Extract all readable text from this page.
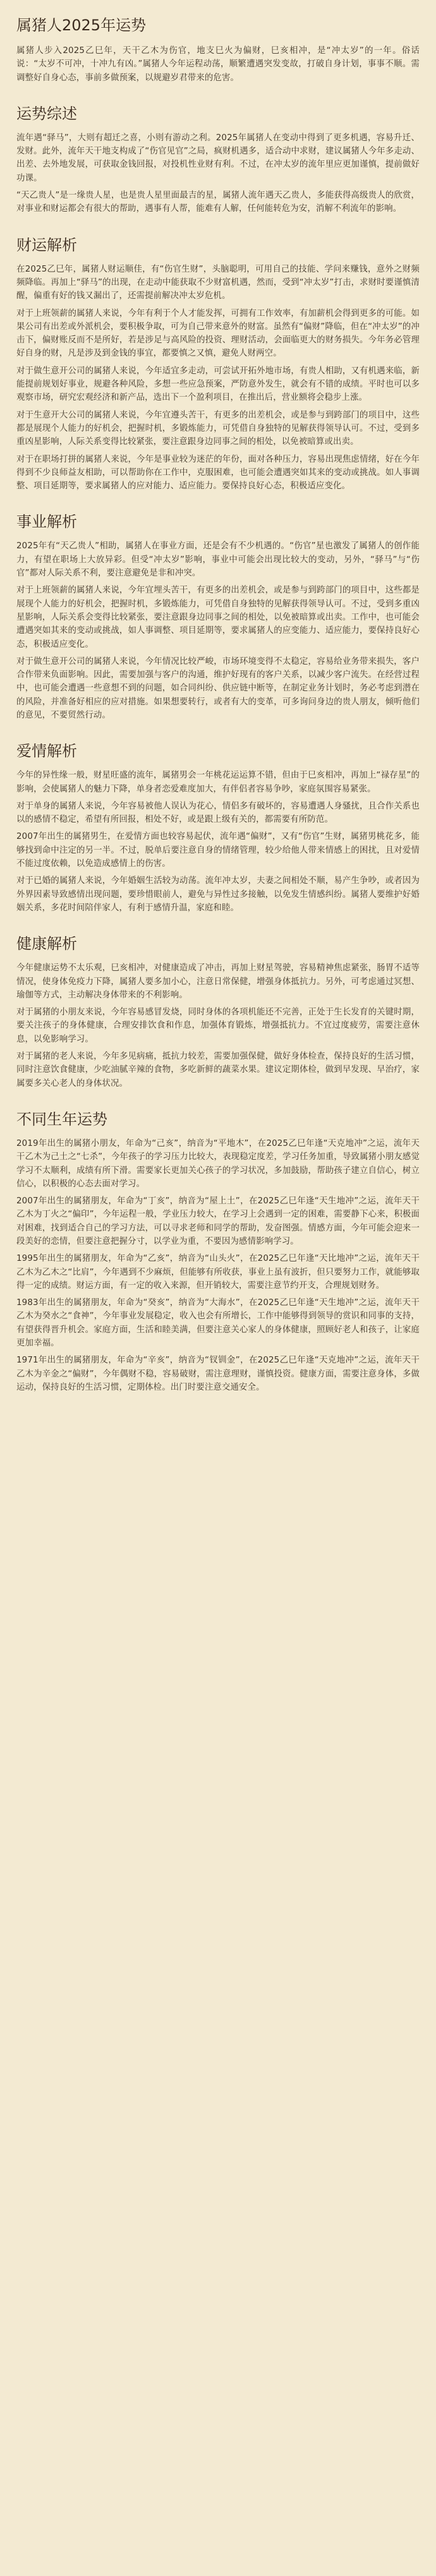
属猪人2025年运势

属猪人步入2025乙巳年，天干乙木为伤官，地支巳火为偏财，巳亥相冲，是“冲太岁”的一年。俗话说：“太岁不可冲，十冲九有凶。”属猪人今年运程动荡，顺繁遭遇突发变故，打破自身计划，事事不顺。需调整好自身心态，事前多做预案，以规避岁君带来的危害。

运势综述

流年遇“驿马”，大则有超迁之喜，小则有游动之利。2025年属猪人在变动中得到了更多机遇，容易升迁、发财。此外，流年天干地支构成了“伤官见官”之局，疯财机遇多，适合动中求财，建议属猪人今年多走动、出差、去外地发展，可获取金钱回报，对投机性业财有利。不过，在冲太岁的流年里应更加谨慎，提前做好功课。

“天乙贵人”是一缘贵人星，也是贵人星里面最吉的星，属猪人流年遇天乙贵人，多能获得高级贵人的欣赏，对事业和财运都会有很大的帮助，遇事有人帮，能难有人解，任何能转危为安，消解不利流年的影响。

财运解析

在2025乙巳年，属猪人财运顺佳，有“伤官生财”，头脑聪明，可用自己的技能、学问来赚钱，意外之财频频降临。再加上“驿马”的出现，在走动中能获取不少财富机遇，然而，受到“冲太岁”打击，求财时要谨慎清醒，偏重有好的钱又漏出了，还需提前解决冲太岁危机。

对于上班领薪的属猪人来说，今年有利于个人才能发挥，可拥有工作效率，有加薪机会得到更多的可能。如果公司有出差或外派机会，要积极争取，可为自己带来意外的财富。虽然有“偏财”降临，但在“冲太岁”的冲击下，偏财账反而不是所好，若是涉足与高风险的投资、理财活动，会面临更大的财务损失。今年务必管理好自身的财，凡是涉及到金钱的事宜，都要慎之又慎，避免人财两空。

对于做生意开公司的属猪人来说，今年适宜多走动，可尝试开拓外地市场，有贵人相助，又有机遇来临，新能提前规划好事业，规避各种风险，多想一些应急预案，严防意外发生，就会有不错的成绩。平时也可以多观察市场，研究宏观经济和新产品，选出下一个盈利项目，在推出后，营业额将会稳步上涨。

对于生意开大公司的属猪人来说，今年宜遵头苦干，有更多的出差机会，或是参与到跨部门的项目中，这些都是展现个人能力的好机会，把握时机，多锻炼能力，可凭借自身独特的见解获得领导认可。不过，受到多重凶星影响，人际关系变得比较紧张，要注意跟身边同事之间的相处，以免被暗算或出卖。

对于在职场打拼的属猪人来说，今年是事业较为迷茫的年份，面对各种压力，容易出现焦虑情绪，好在今年得到不少良师益友相助，可以帮助你在工作中，克服困难，也可能会遭遇突如其来的变动或挑战。如人事调整、项目延期等，要求属猪人的应对能力、适应能力。要保持良好心态，积极适应变化。

事业解析

2025年有“天乙贵人”相助，属猪人在事业方面，还是会有不少机遇的。“伤官”星也激发了属猪人的创作能力，有望在职场上大放异彩。但受“冲太岁”影响，事业中可能会出现比较大的变动，另外，“驿马”与“伤官”都对人际关系不利，要注意避免是非和冲突。

对于上班领薪的属猪人来说，今年宜埋头苦干，有更多的出差机会，或是参与到跨部门的项目中，这些都是展现个人能力的好机会，把握时机，多锻炼能力，可凭借自身独特的见解获得领导认可。不过，受到多重凶星影响，人际关系会变得比较紧张，要注意跟身边同事之间的相处，以免被暗算或出卖。工作中，也可能会遭遇突如其来的变动或挑战，如人事调整、项目延期等，要求属猪人的应变能力、适应能力，要保持良好心态，积极适应变化。

对于做生意开公司的属猪人来说，今年情况比较严峻，市场环境变得不太稳定，容易给业务带来损失，客户合作带来负面影响。因此，需要加强与客户的沟通，维护好现有的客户关系，以减少客户流失。在经营过程中，也可能会遭遇一些意想不到的问题，如合同纠纷、供应链中断等，在制定业务计划时，务必考虑到潜在的风险，并准备好相应的应对措施。如果想要转行，或者有大的变革，可多询问身边的贵人朋友，倾听他们的意见，不要贸然行动。

爱情解析

今年的异性缘一般，财星旺盛的流年，属猪男会一年桃花运运算不错，但由于巳亥相冲，再加上“禄存星”的影响，会使属猪人的魅力下降，单身者恋爱难度加大，有伴侣者容易争吵，家庭氛围容易紧张。

对于单身的属猪人来说，今年容易被他人误认为花心，情侣多有破坏的，容易遭遇人身骚扰，且合作关系也以的感情不稳定，希望有所回报，相处不好，或是跟上级有关的，都需要有所防范。

2007年出生的属猪男生，在爱情方面也较容易起伏，流年遇“偏财”，又有“伤官”生财，属猪男桃花多，能够找到命中注定的另一半。不过，脱单后要注意自身的情绪管理，较少给他人带来情感上的困扰，且对爱情不能过度依赖，以免造成感情上的伤害。

对于已婚的属猪人来说，今年婚姻生活较为动荡。流年冲太岁，夫妻之间相处不顺，易产生争吵，或者因为外界因素导致感情出现问题，要珍惜眼前人，避免与异性过多接触，以免发生情感纠纷。属猪人要维护好婚姻关系，多花时间陪伴家人，有利于感情升温，家庭和睦。

健康解析

今年健康运势不太乐观，巳亥相冲，对健康造成了冲击，再加上财星驾驶，容易精神焦虑紧张，肠胃不适等情况，使身体免疫力下降，属猪人要多加小心，注意日常保健，增强身体抵抗力。另外，可考虑通过冥想、瑜伽等方式，主动解决身体带来的不利影响。

对于属猪的小朋友来说，今年容易感冒发烧，同时身体的各项机能还不完善，正处于生长发育的关键时期，要关注孩子的身体健康，合理安排饮食和作息，加强体育锻炼，增强抵抗力。不宜过度疲劳，需要注意休息，以免影响学习。

对于属猪的老人来说，今年多见病痛，抵抗力较差，需要加强保健，做好身体检查，保持良好的生活习惯，同时注意饮食健康，少吃油腻辛辣的食物，多吃新鲜的蔬菜水果。建议定期体检，做到早发现、早治疗，家属要多关心老人的身体状况。

不同生年运势

2019年出生的属猪小朋友，年命为“己亥”，纳音为“平地木”，在2025乙巳年逢“天克地冲”之运，流年天干乙木为己土之“七杀”，今年孩子的学习压力比较大，表现稳定度差，学习任务加重，导致属猪小朋友感觉学习不太顺利，成绩有所下滑。需要家长更加关心孩子的学习状况，多加鼓励，帮助孩子建立自信心，树立信心，以积极的心态去面对学习。

2007年出生的属猪朋友，年命为“丁亥”，纳音为“屋上土”，在2025乙巳年逢“天生地冲”之运，流年天干乙木为丁火之“偏印”，今年运程一般，学业压力较大，在学习上会遇到一定的困难，需要静下心来，积极面对困难，找到适合自己的学习方法，可以寻求老师和同学的帮助，发奋图强。情感方面，今年可能会迎来一段美好的恋情，但要注意把握分寸，以学业为重，不要因为感情影响学习。

1995年出生的属猪朋友，年命为“乙亥”，纳音为“山头火”，在2025乙巳年逢“天比地冲”之运，流年天干乙木为乙木之“比肩”，今年遇到不少麻烦，但能够有所收获，事业上虽有波折，但只要努力工作，就能够取得一定的成绩。财运方面，有一定的收入来源，但开销较大，需要注意节约开支，合理规划财务。

1983年出生的属猪朋友，年命为“癸亥”，纳音为“大海水”，在2025乙巳年逢“天生地冲”之运，流年天干乙木为癸水之“食神”，今年事业发展稳定，收入也会有所增长，工作中能够得到领导的赏识和同事的支持，有望获得晋升机会。家庭方面，生活和睦美满，但要注意关心家人的身体健康，照顾好老人和孩子，让家庭更加幸福。

1971年出生的属猪朋友，年命为“辛亥”，纳音为“钗钏金”，在2025乙巳年逢“天克地冲”之运，流年天干乙木为辛金之“偏财”，今年偶财不稳，容易破财，需注意理财，谨慎投资。健康方面，需要注意身体，多做运动，保持良好的生活习惯，定期体检。出门时要注意交通安全。
